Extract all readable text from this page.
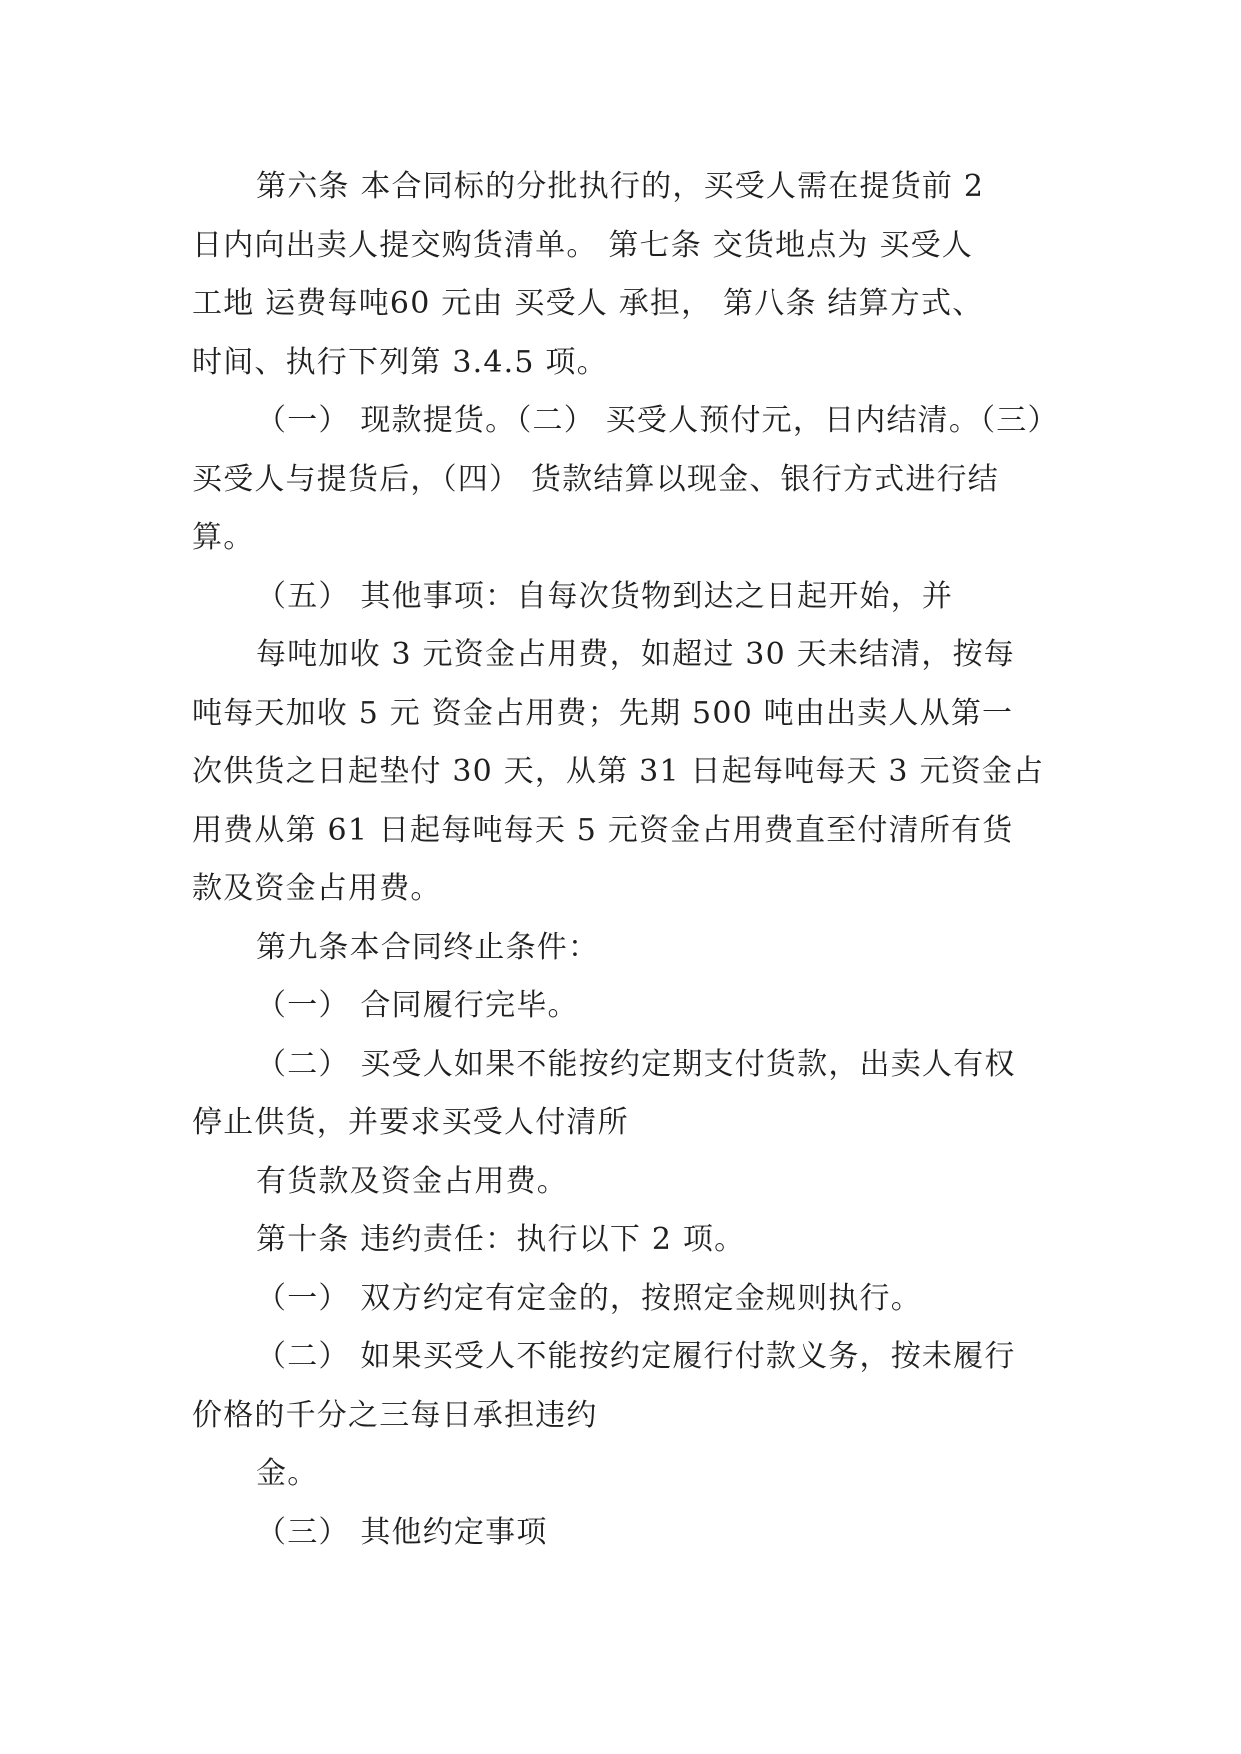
第六条 本合同标的分批执行的，买受人需在提货前 2
日内向出卖人提交购货清单。 第七条 交货地点为 买受人
工地 运费每吨60 元由 买受人 承担， 第八条 结算方式、
时间、执行下列第 3.4.5 项。
（一） 现款提货。（二） 买受人预付元，日内结清。（三）
买受人与提货后，（四） 货款结算以现金、银行方式进行结
算。
（五） 其他事项：自每次货物到达之日起开始，并
每吨加收 3 元资金占用费，如超过 30 天未结清，按每
吨每天加收 5 元 资金占用费；先期 500 吨由出卖人从第一
次供货之日起垫付 30 天，从第 31 日起每吨每天 3 元资金占
用费从第 61 日起每吨每天 5 元资金占用费直至付清所有货
款及资金占用费。
第九条本合同终止条件：
（一） 合同履行完毕。
（二） 买受人如果不能按约定期支付货款，出卖人有权
停止供货，并要求买受人付清所
有货款及资金占用费。
第十条 违约责任：执行以下 2 项。
（一） 双方约定有定金的，按照定金规则执行。
（二） 如果买受人不能按约定履行付款义务，按未履行
价格的千分之三每日承担违约
金。
（三） 其他约定事项
